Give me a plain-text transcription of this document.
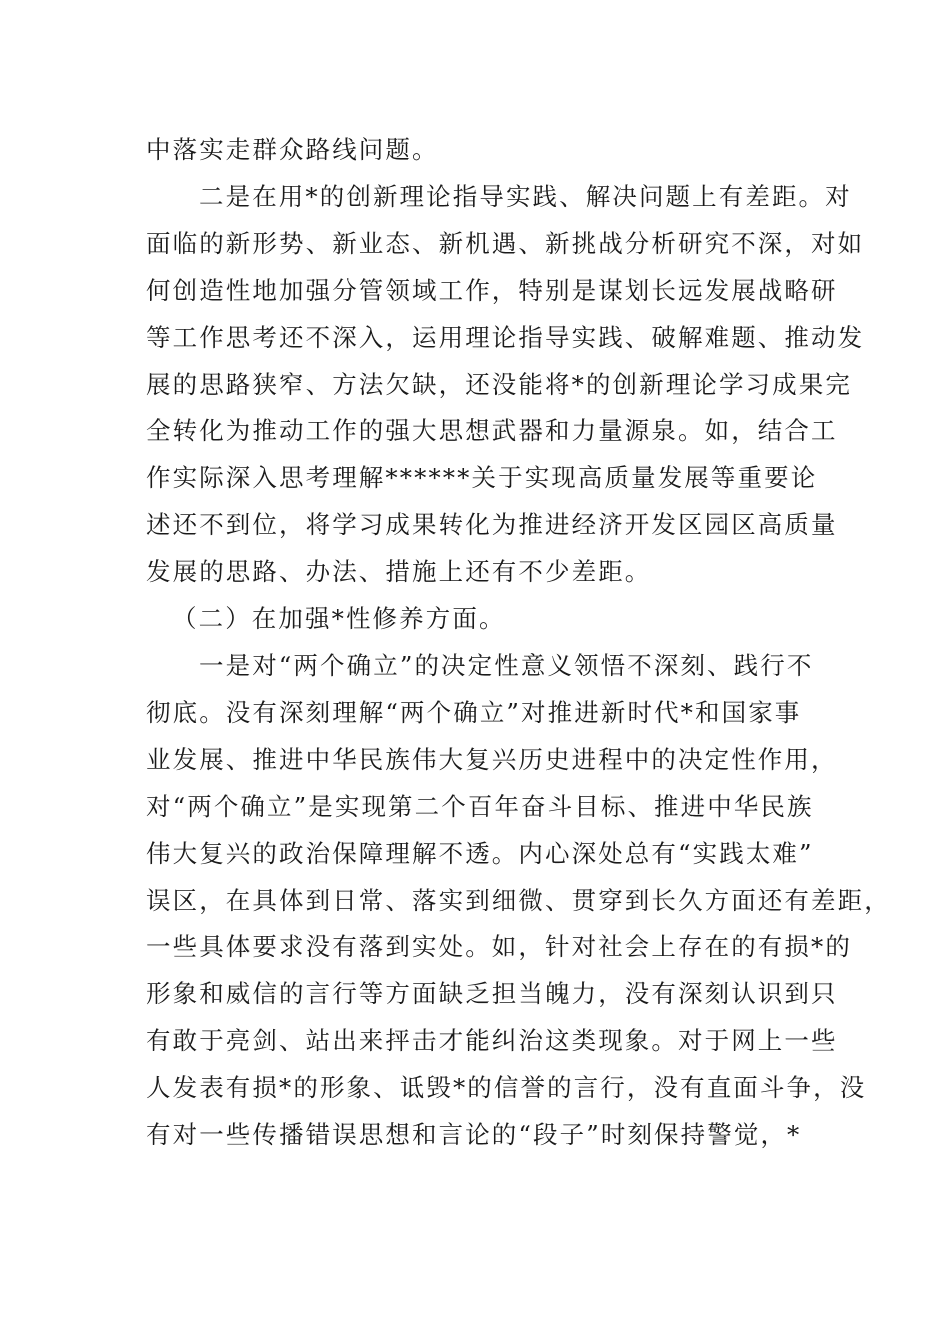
中落实走群众路线问题。
二是在用*的创新理论指导实践、解决问题上有差距。对
面临的新形势、新业态、新机遇、新挑战分析研究不深，对如
何创造性地加强分管领域工作，特别是谋划长远发展战略研
等工作思考还不深入，运用理论指导实践、破解难题、推动发
展的思路狭窄、方法欠缺，还没能将*的创新理论学习成果完
全转化为推动工作的强大思想武器和力量源泉。如，结合工
作实际深入思考理解******关于实现高质量发展等重要论
述还不到位，将学习成果转化为推进经济开发区园区高质量
发展的思路、办法、措施上还有不少差距。
（二）在加强*性修养方面。
一是对“两个确立”的决定性意义领悟不深刻、践行不
彻底。没有深刻理解“两个确立”对推进新时代*和国家事
业发展、推进中华民族伟大复兴历史进程中的决定性作用，
对“两个确立”是实现第二个百年奋斗目标、推进中华民族
伟大复兴的政治保障理解不透。内心深处总有“实践太难”
误区，在具体到日常、落实到细微、贯穿到长久方面还有差距，
一些具体要求没有落到实处。如，针对社会上存在的有损*的
形象和威信的言行等方面缺乏担当魄力，没有深刻认识到只
有敢于亮剑、站出来抨击才能纠治这类现象。对于网上一些
人发表有损*的形象、诋毁*的信誉的言行，没有直面斗争，没
有对一些传播错误思想和言论的“段子”时刻保持警觉，*
